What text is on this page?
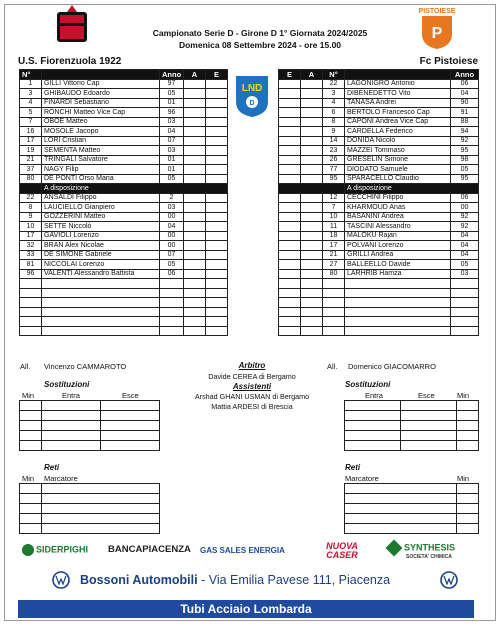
PISTOIESE
P
Campionato Serie D - Girone D 1° Giornata 2024/2025
Domenica 08 Settembre 2024 - ore 15.00
U.S. Fiorenzuola 1922	Fc Pistoiese
LND
D
N°		Anno	A	E
1	GILLI Vittorio Cap	97		
3	GHIBAUDO Edoardo	05		
4	FINARDI Sebastiano	01		
5	RONCHI Matteo Vice Cap	96		
7	OBOE Matteo	03		
16	MOSOLE Jacopo	04		
17	LORI Cristian	07		
19	SEMENTA Matteo	03		
21	TRINGALI Salvatore	01		
37	NAGY Filip	01		
80	DE PONTI Orso Maria	05		
	A disposizione			
22	ANSALDI Filippo	2		
8	LAUCIELLO Gianpiero	03		
9	GOZZERINI Matteo	00		
10	SETTE Niccolò	04		
17	GAVIOLI Lorenzo	00		
32	BRAN Alex Nicolae	00		
33	DE SIMONE Gabriele	07		
81	NICCOLAI Lorenzo	05		
96	VALENTI Alessandro Battista	06		

E	A	N°		Anno
		22	LAGONIGRO Antonio	06
		3	DIBENEDETTO Vito	04
		4	TANASA Andrei	90
		6	BERTOLO Francesco Cap	91
		8	CAPONI Andrea Vice Cap	88
		9	CARDELLA Federico	94
		14	DONIDA Nicolò	92
		23	MAZZEI Tommaso	95
		26	GRESELIN Simone	98
		77	DIODATO Samuele	05
		95	SPARACELLO Claudio	95
			A disposizione	
		12	CECCHINI Filippo	06
		7	KHARMOUD Anas	00
		10	BASANINI Andrea	92
		11	TASCINI Alessandro	92
		18	MALOKU Rajan	04
		17	POLVANI Lorenzo	04
		21	GRILLI Andrea	04
		27	BALLEELLO Davide	05
		80	LARHRIB Hamza	03

All. Vincenzo CAMMAROTO	All. Domenico GIACOMARRO
Arbitro
Davide CEREA di Bergamo
Assistenti
Arshad GHANI USMAN di Bergamo
Mattia ARDESI di Brescia
Sostituzioni
Min	Entra	Esce

Sostituzioni
Entra	Esce	Min

Reti
Min Marcatore

Reti
Marcatore	Min

SIDERPIGHI BANCAPIACENZA GAS SALES ENERGIA	NUOVA CASER
SYNTHESIS
SOCIETA' CHIMICA
Bossoni Automobili - Via Emilia Pavese 111, Piacenza
Tubi Acciaio Lombarda
